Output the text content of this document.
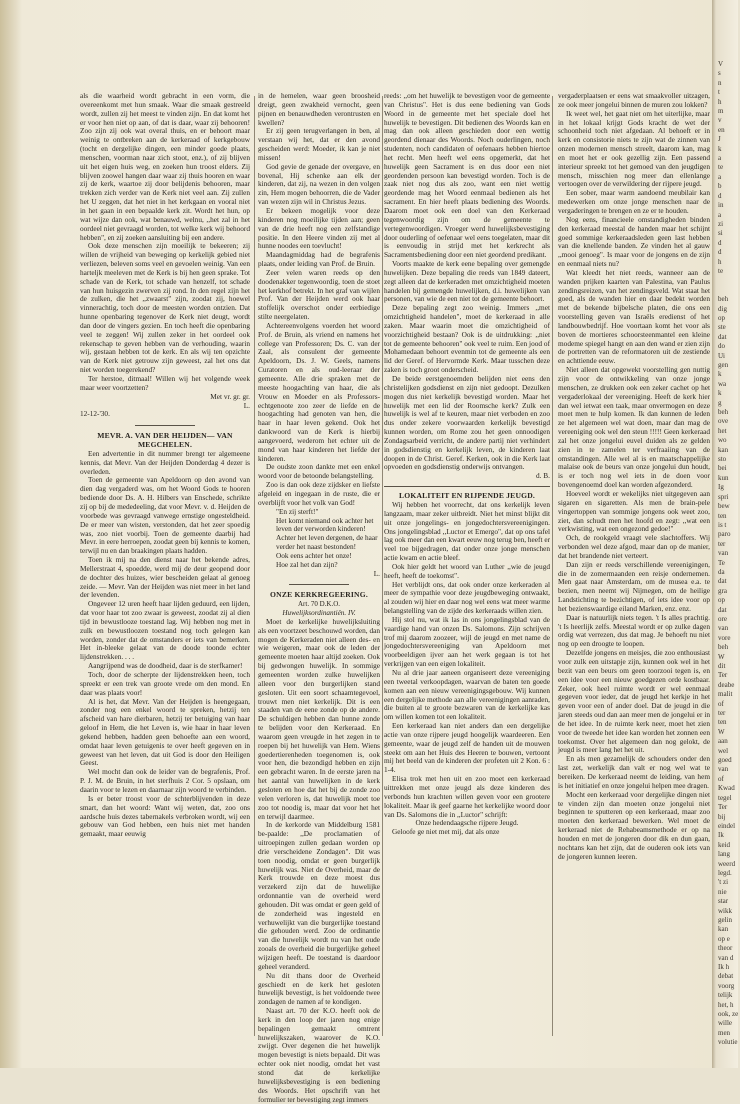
als die waarheid wordt gebracht in een vorm, die overeenkomt met hun smaak. Waar die smaak gestreeld wordt, zullen zij het meest te vinden zijn. En dat komt het er voor hen niet op aan, of dat is daar, waar zij behooren! Zoo zijn zij ook wat overal thuis, en er behoort maar weinig te ontbreken aan de kerkeraad of kerkgebouw (tocht en dergelijke dingen, een minder goede plaats, menschen, voorman naar zich stoot, enz.), of zij blijven uit het eigen huis weg, en zoeken hun troost elders. Zij blijven zoowel hangen daar waar zij thuis hooren en waar zij de kerk, waartoe zij door belijdenis behooren, maar trekken zich verder van de Kerk niet veel aan. Zij zullen het U zeggen, dat het niet in het kerkgaan en vooral niet in het gaan in een bepaalde kerk zit. Wordt het hun, op wat wijze dan ook, wat benauwd, welnu, ,,het zal in het oordeel niet gevraagd worden, tot welke kerk wij behoord hebben", en zij zoeken aansluiting bij een andere.

Ook deze menschen zijn moeilijk te bekeeren; zij willen de vrijheid van beweging op kerkelijk gebied niet verliezen, beleven soms veel en gevoelen weinig. Van een harteljk meeleven met de Kerk is bij hen geen sprake. Tot schade van de Kerk, tot schade van henzelf, tot schade van hun huisgezin zwerven zij rond. In den regel zijn het de zulken, die het ,,zwaarst" zijn, zoodat zij, hoewel vinnerachtig, toch door de meesten worden ontzien. Dat hunne openbaring tegenover de Kerk niet deugt, wordt dan door de vingers gezien. En toch heeft die openbaring veel te zeggen! Wij zullen zeker in het oordeel ook rekenschap te geven hebben van de verhouding, waarin wij, gestaan hebben tot de kerk. En als wij ten opzichte van de Kerk niet getrouw zijn geweest, zal het ons dat niet worden toegerekend?

Ter herstoe, ditmaal! Willen wij het volgende week maar weer voortzetten?

Met vr. gr. gr.

L.

12-12-'30.

MEVR. A. VAN DER HEIJDEN— VAN MEGCHELEN.

Een advertentie in dit nummer brengt ter algemeene kennis, dat Mevr. Van der Heijden Donderdag 4 dezer is overleden.

Toen de gemeente van Apeldoorn op den avond van dien dag vergaderd was, om het Woord Gods te hooren bediende door Ds. A. H. Hilbers van Enschede, schrikte zij op bij de mededeeling, dat voor Mevr. v. d. Heijden de voorbede was gevraagd vanwege ernstige ongesteldheid. De er meer van wisten, verstonden, dat het zeer spoedig was, zoo niet voorbij. Toen de gemeente daarbij had Mevr. in eere herroepen, zoodat geen bij kennis te komen, terwijl nu en dan braakingen plaats hadden.

Toen ik mij na den dienst naar het bekende adres, Mellerstraat 4, spoedde, werd mij de deur geopend door de dochter des huizes, wier bescheiden gelaat al genoeg zeide. — Mevr. Van der Heijden was niet meer in het land der levenden.

Ongeveer 12 uren heeft haar lijden geduurd, een lijden, dat voor haar tot zoo zwaar is geweest, zoodat zij al dien tijd in bewustlooze toestand lag. Wij hebben nog met in zulk en bewustloozen toestand nog toch gelegen kan worden, zonder dat de omstanders er iets van bemerken. Het in-bleeke gelaat van de doode toonde echter lijdenstrekken. . . .

Aangrijpend was de doodheid, daar is de sterfkamer!

Toch, door de scherpte der lijdenstrekken heen, toch spreekt er een trek van groote vrede om den mond. En daar was plaats voor!

Al is het, dat Mevr. Van der Heijden is heengegaan, zonder nog een enkel woord te spreken, hetzij ten afscheid van hare dierbaren, hetzij ter betuiging van haar geloof in Hem, die het Leven is, wie haar in haar leven gekend hebben, hadden geen behoefte aan een woord, omdat haar leven getuigenis te over heeft gegeven en in geweest van het leven, dat uit God is door den Heiligen Geest.

Wel mocht dan ook de leider van de begrafenis, Prof. P. J. M. de Bruin, in het sterfhuis 2 Cor. 5 opslaan, om daarin voor te lezen en daarnaar zijn woord te verbinden.

Is er beter troost voor de schterblijvenden in deze smart, dan het woord: Want wij weten, dat, zoo ons aardsche huis dezes tabernakels verbroken wordt, wij een gebouw van God hebben, een huis niet met handen gemaakt, maar eeuwig

in de hemelen, waar geen broosheid dreigt, geen zwakheid vernocht, geen pijnen en benauwdheden verontrusten en kwellen?

Er zij geen terugverlangen in ben, al verstaan wij het, dat er den avond gescheiden werd: Moeder, ik kan je niet missen!

God gevie de genade der overgave, en bovenal, Hij schenke aan elk der kinderen, dat zij, na wezen in den volgen zin, Hem mogen behoorren, die de Vader van wezen zijn wil in Christus Jezus.

Er bekeen mogelijk voor deze kinderen nog moeilijke tijden aan; geen van de drie heeft nog een zelfstandige positie. In den Heere vinden zij met al hunne noodes een toevlucht!

Maandagmiddag had de begrafenis plaats, onder leiding van Prof. de Bruin.

Zeer velen waren reeds op den doodenakker tegenwoordig, toen de stoet het kerkhof betrekt. In het graf van wijlen Prof. Van der Heijden werd ook haar stoffelijk overschot onder eerbiedige stilte neergelaten.

Achtereenvolgens voerden het woord Prof. de Bruin, als vriend en namens het college van Professoren; Ds. C. van der Zaal, als consulent der gemeente Apeldoorn, Ds. J. W. Geels, namens Curatoren en als oud-leeraar der gemeente. Alle drie spraken met de meeste hoogachting van haar, die als Vrouw en Moeder en als Professors-echtgenoote zoo zeer de liefde en de hoogachting had genoten van hen, die haar in haar leven gekend. Ook het dankwoord van de Kerk is hierbij aangevoerd, wederom het echter uit de mond van haar kinderen het liefde der kinderen.

De oudste zoon dankte met een enkel woord voor de betoonde belangstelling.

Zoo is dan ook deze zijdsker en liefste afgeleid en ingegaan in de ruste, die er overblijft voor het volk van God!

"En zij sterft!"

Het komt niemand ook achter het leven der verworden kinderen!

Achter het leven dergenen, de haar verder het naast bestonden!

Ook eens achter het onze!

Hoe zal het dan zijn?

L.

ONZE KERKREGEERING.

Art. 70 D.K.O.

Huwelijksordinantiën. IV.

Moet de kerkelijke huwelijksluiting als een voortzeet beschouwd worden, dan mogen de Kerkeraden niet alleen des- en wie weigeren, maar ook de leden der gemeente moeten haar altijd zoeken. Ook bij gedwongen huwelijk. In sommige gemeenten worden zulke huwelijken alleen voor den burgerlijken stand gesloten. Uit een soort schaamtegevoel, trouwt men niet kerkelijk. Dit is een staaden van de eene zonde op de andere. De schuldigen hebben dan hunne zonde te belijden voor den Kerkeraad. En waarom geen vreugde in het zegen in te roepen bij het huwelijk van Hem. Wiens goedertierenheden toegenomen is, ook voor hen, die bezondigd hebben en zijn een gebracht waren. In de eerste jaren na het aantal van huwelijken in de kerk gesloten en hoe dat het bij de zonde zoo velen verloren is, dat huwelijk moet toe zoo tot noodig is, maar dat voor het het en terwijl daarmee.

In de kerkorde van Middelburg 1581 be-paalde: ,,De proclamatien of uitroepingen zullen gedaan worden op drie verscheidene Zondagen". Dit was toen noodig, omdat er geen burgerlijk huwelijk was. Niet de Overheid, maar de Kerk trouwde en deze moest dus verzekerd zijn dat de huwelijke ordonnantie van de overheid werd gehouden. Dit was omdat er geen geld of de zonderheid was ingesteld en verhuwelijkt van die burgerlijke toestand die gehouden werd. Zoo de ordinantie van die huwelijk wordt nu van het oude zooals de overheid die burgerlijke geheel wijzigen heeft. De toestand is daardoor geheel veranderd.

Nu dit thans door de Overheid geschiedt en de kerk het gesloten huwelijk bevestigt, is het voldoende twee zondagen de namen af te kondigen.

Naast art. 70 der K.O. heeft ook de kerk in den loop der jaren nog enige bepalingen gemaakt omtrent huwelijkszaken, waarover de K.O. zwijgt. Over degenen die het huwelijk mogen bevestigt is niets bepaald. Dit was echter ook niet noodig, omdat het vast stond dat de kerkelijke huwelijksbevestiging is een bediening des Woords. Het opschrift van het formulier ter bevestiging zegt immers

reeds: ,,om het huwelijk te bevestigen voor de gemeente van Christus". Het is dus eene bediening van Gods Woord in de gemeente met het speciale doel het huwelijk te bevestigen. Dit bedienen des Woords kan en mag dan ook alleen geschieden door een wettig geordend dienaar des Woords. Noch ouderlingen, noch studenten, noch candidaten of oefenaars hebben hiertoe het recht. Men heeft wel eens opgemerkt, dat het huwelijk geen Sacrament is en dus door een niet geordenden persoon kan bevestigd worden. Toch is de zaak niet nog dus als zoo, want een niet wettig geordende mag het Woord eenmaal bedienen als het sacrament. En hier heeft plaats bediening des Woords. Daarom moet ook een doel van den Kerkeraad tegenwoordig zijn om de gemeente te vertegenwoordigen. Vroeger werd huwelijksbevestiging door ouderling of oefenaar wel eens toegelaten, maar dit is eenvoudig in strijd met het kerkrecht als Sacramentsbediening door een niet geordend predikant.

Voorts maakte de kerk eene bepaling over gemengde huwelijken. Deze bepaling die reeds van 1849 dateert, zegt alleen dat de kerkeraden met omzichtigheid moeten handelen bij gemengde huwelijken, d.i. huwelijken van personen, van wie de een niet tot de gemeente behoort.

Deze bepaling zegt zoo weinig. Immers ,,met omzichtigheid handelen", moet de kerkeraad in alle zaken. Maar waarin moet die omzichtigheid of voorzichtigheid bestaan? Ook is de uitdrukking: ,,niet tot de gemeente behooren" ook veel te ruim. Een jood of Mohamedaan behoort evenmin tot de gemeente als een lid der Geref. of Hervormde Kerk. Maar tusschen deze zaken is toch groot onderscheid.

De beide eerstgenoemden belijden niet eens den christelijken godsdienst en zijn niet gedoopt. Dezulken mogen dus niet kerkelijk bevestigd worden. Maar het huwelijk met een lid der Roomsche kerk? Zulk een huwelijk is wel af te keuren, maar niet verboden en zoo dus onder zekere voorwaarden kerkelijk bevestigd kunnen worden, om Rome zou het geen onnoodigen Zondagsarbeid verricht, de andere partij niet verhindert in godsdienstig en kerkelijk leven, de kinderen laat doopen in de Christ. Geref. Kerken, ook in die Kerk laat opvoeden en godsdienstig onderwijs ontvangen.

d. B.

LOKALITEIT EN RIJPENDE JEUGD.

Wij hebben het voorrecht, dat ons kerkelijk leven langzaam, maar zeker uitbreidt. Niet het minst blijkt dit uit onze jongelings- en jongedochtersvereenigingen. Ons jongelingsblad ,,Luctor et Emergo", dat op ons tafel lag ook meer dan een kwart eeuw nog terug ben, heeft er veel toe bijgedragen, dat onder onze jonge menschen actie kwam en actie bleef.

Ook hier geldt het woord van Luther ,,wie de jeugd heeft, heeft de toekomst".

Het verblijdt ons, dat ook onder onze kerkeraden al meer de sympathie voor deze jeugdbeweging ontwaakt, al zouden wij hier en daar nog wel eens wat meer warme belangstelling van de zijde des kerkeraads willen zien.

Hij stol nu, wat ik las in ons jongelingsblad van de vaardige hand van onzen Ds. Salomons. Zijn schrijven trof mij daarom zoozeer, wijl de jeugd en met name de jongedochtersvereeniging van Apeldoorn met voorbeeldigen ijver aan het werk gegaan is tot het verkrijgen van een eigen lokaliteit.

Nu al drie jaar aaneen organiseert deze vereeniging een tweetal verkoopdagen, waarvan de baten ten goede komen aan een nieuw vereenigingsgebouw. Wij kunnen een dergelijke methode aan alle vereenigingen aanraden, die buiten al te groote bezwaren van de kerkelijke kas om willen komen tot een lokaliteit.

Een kerkeraad kan niet anders dan een dergelijke actie van onze rijpere jeugd hoogelijk waardeeren. Een gemeente, waar de jeugd zelf de handen uit de mouwen steekt om aan het Huis des Heeren te bouwen, vertoont mij het beeld van de kinderen der profeten uit 2 Kon. 6 : 1-4.

Elisa trok met hen uit en zoo moet een kerkeraad uittrekken met onze jeugd als deze kinderen des verbonds hun krachten willen geven voor een grootere lokaliteit. Maar ik geef gaarne het kerkelijke woord door van Ds. Salomons die in ,,Luctor" schrijft:

Onze hedendaagsche rijpere Jeugd.

Geloofe ge niet met mij, dat als onze

vergaderplaatsen er eens wat smaakvoller uitzagen, ze ook meer jongelui binnen de muren zou lokken?

Ik weet wel, het gaat niet om het uiterlijke, maar in het lokaal krijgt Gods kracht de wet der schoonheid toch niet afgedaan. Al behoeft er in kerk en consistorie niets te zijn wat de zinnen van onzen modernen mensch streelt, daarom kan, mag en moet het er ook gezellig zijn. Een passend interieur spreekt tot het gemoed van den jeugdigen mensch, misschien nog meer dan ellenlange vertoogen over de verwildering der rijpere jeugd.

Een sober, maar warm aandoend meubilair kan medewerken om onze jonge menschen naar de vergaderingen te brengen en ze er te houden.

Nog eens, financieele omstandigheden binden den kerkeraad meestal de handen maar het schijnt goed sommige kerkeraadsleden geen last hebben van die knellende banden. Ze vinden het al gauw ,,mooi genoeg". Is maar voor de jongens en de zijn en eenmaal niets nu?

Wat kleedt het niet reeds, wanneer aan de wanden prijken kaarten van Palestina, van Paulus zendingsreizen, van het zendingsveld. Wat staat het goed, als de wanden hier en daar bedekt worden met de bekende bijbelsche platen, die ons een voorstelling geven van Israëls eredienst of het landbouwbedrijf. Hoe voortaan komt het voor als boven de mortieres schoorsteenmantel een kleine modeme spiegel hangt en aan den wand er zien zijn de portretten van de reformatoren uit de zestiende en achttiende eeuw.

Niet alleen dat opgewekt voorstelling gen nuttig zijn voor de ontwikkeling van onze jonge menschen, ze drukken ook een zeker cachet op het vergaderlokaal der vereeniging. Heeft de kerk hier dan wel ietwat een taak, maar onvermogen en deze moet men te hulp komen. Ik dan kunnen de leden ze het algemeen wel wat doen, maar dan mag de vereeniging ook wel den steun !!!!! Geen kerkeraad zal het onze jongelui euvel duiden als ze gelden zien in te zamelen ter verfraaiing van de omstandingen. Alle wel al is en maatschappelijke malaise ook de beurs van onze jongelui dun houdt, is er toch nog wel iets in de doen voor bovengenoemd doel kan worden afgezonderd.

Hoeveel wordt er wekelijks niet uitgegeven aan sigaren en sigaretten. Als men de brain-pele vingertoppen van sommige jongens ook weet zoo, ziet, dan schudt men het hoofd en zegt: ,,wat een verkwisting, wat een ongezond gedoe!"

Och, de rookgeld vraagt vele slachtoffers. Wij verbonden wel deze afgod, maar dan op de manier, dat het brandende niet verteert.

Dan zijn er reeds verschillende vereenigingen, die in de zomermaanden een reisje ondernemen. Men gaat naar Amsterdam, om de musea e.a. te bezien, men neemt wij Nijmegen, om de heilige Landstichting te bezichtigen, of iets idee voor op het bezienswaardige eiland Marken, enz. enz.

Daar is natuurlijk niets tegen. 't Is alles prachtig. 't Is heerlijk zelfs. Meestal wordt er op zulke dagen ordig wat verrezen, dus dat mag. Je behoeft nu niet nog op een droogte te loopen.

Dezelfde jongens en meisjes, die zoo enthousiast voor zulk een uitstapje zijn, kunnen ook wel in het bezit van een beurs om geen toorzooi tegen is, en een idee voor een nieuw goedgezen orde kostbaar. Zeker, ook heel ruimte wordt er wel eenmaal gegeven voor ieder, dat de jeugd het kerkje in het geven voor een of ander doel. Dat de jeugd in die jaren steeds oud dan aan meer men de jongelui er in de het idee. In de ruimte kerk neer, moet het zien voor de tweede het idee kan worden het zonnen een toekomst. Over het algemeen dan nog gelokt, de jeugd is meer lang het het uit.

En als men gezamelijk de schouders onder den last zet, werkelijk dan valt er nog wel wat te bereiken. De kerkeraad neemt de leiding, van hem is het initiatief en onze jongelui helpen mee dragen.

Mocht een kerkeraad voor dergelijke dingen niet te vinden zijn dan moeten onze jongelui niet beginnen te sputteren op een kerkeraad, maar zoo moeten den kerkeraad bewerken. Wel moet de kerkeraad niet de Rehabeamsmethode er op na houden en met de jongeren door dik en dun gaan, nochtans kan het zijn, dat de ouderen ook iets van de jongeren kunnen leeren.

V
s
n
t
h
m
v
en
J
k
a
te
a
b
d
in
a
zi
si
d
d
h
te

beh
dig
op
ste
dat
do
Ui
gen
k
wa
k
g
beh
ove
het
wo
kan
sto
bei
kun
Ig
spri
bew
ten
is t
paro
ter
van
Te
da
dat
gra
op
dat
ore
van
vore
beh
W
dit
Ter
deabe
malit
of
ter
ten
W
aan
wel
goed
van
of
Kwad
tegel
Ter
bij
eindel
Ik
keid
lang
weerd
legd.
't zi
nie
star
wikk
gelin
kan
op e
theor
van d
Ik h
debat
voorg
telijk
het, h
ook, ze
wille
men
volutie
